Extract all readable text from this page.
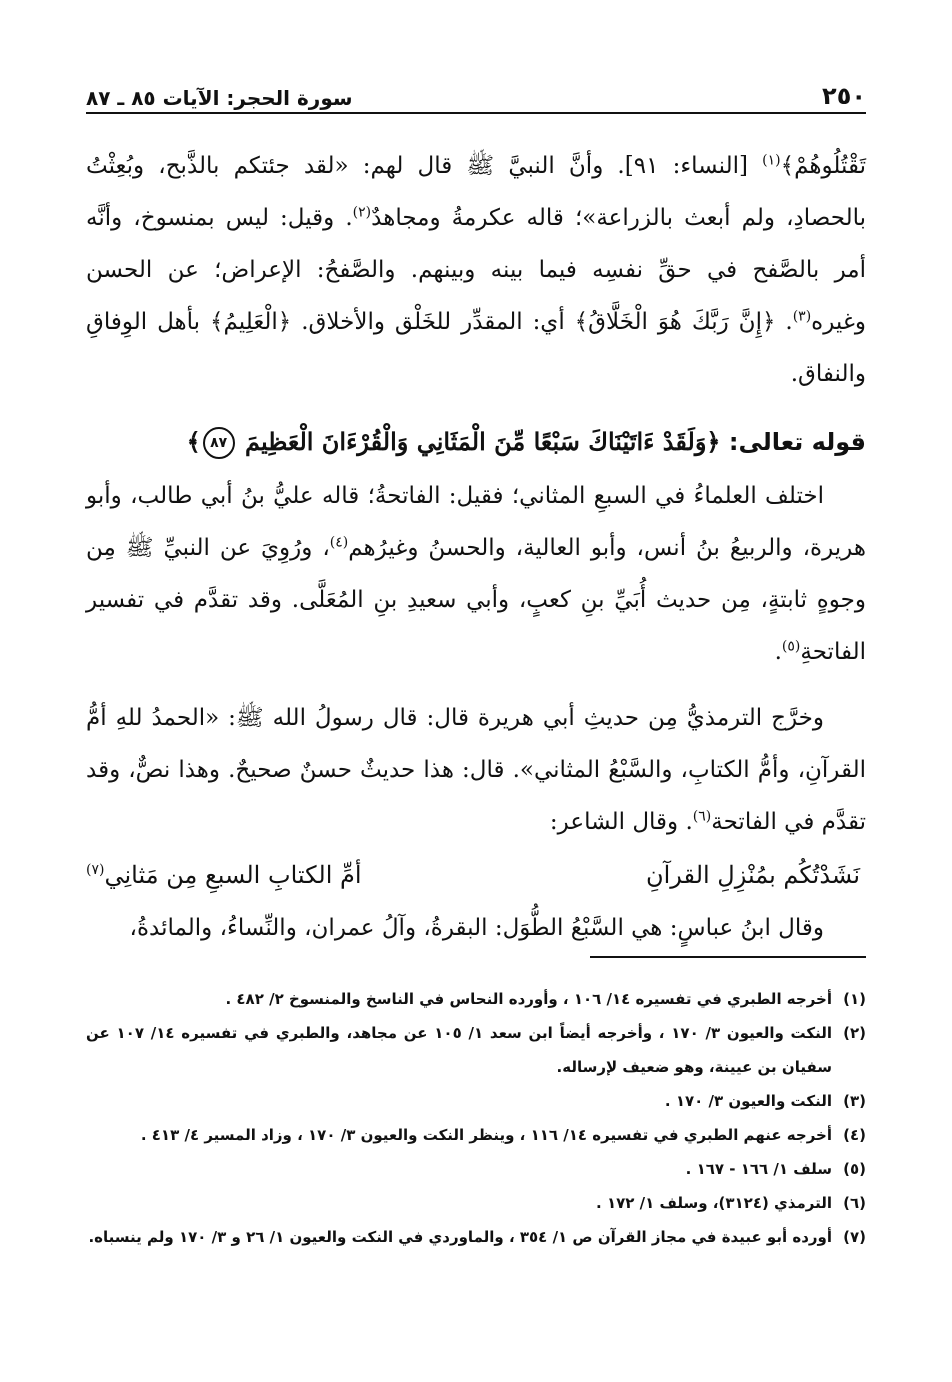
٢٥٠
سورة الحجر: الآيات ٨٥ ـ ٨٧

تَقْتُلُوهُمْ﴾$^{(١)}$ [النساء: ٩١]. وأنَّ النبيَّ ﷺ قال لهم: «لقد جئتكم بالذَّبح، وبُعِثْتُ بالحصادِ، ولم أبعث بالزراعة»؛ قاله عكرمةُ ومجاهدٌ$^{(٢)}$. وقيل: ليس بمنسوخ، وأنَّه أمر بالصَّفح في حقِّ نفسِه فيما بينه وبينهم. والصَّفحُ: الإعراض؛ عن الحسن وغيره$^{(٣)}$. ﴿إِنَّ رَبَّكَ هُوَ الْخَلَّاقُ﴾ أي: المقدِّر للخَلْق والأخلاق. ﴿الْعَلِيمُ﴾ بأهل الوِفاقِ والنفاق.

قوله تعالى: ﴿وَلَقَدْ ءَاتَيْنَاكَ سَبْعًا مِّنَ الْمَثَانِي وَالْقُرْءَانَ الْعَظِيمَ ٨٧﴾

اختلف العلماءُ في السبعِ المثاني؛ فقيل: الفاتحةُ؛ قاله عليُّ بنُ أبي طالب، وأبو هريرة، والربيعُ بنُ أنس، وأبو العالية، والحسنُ وغيرُهم$^{(٤)}$، ورُوِيَ عن النبيِّ ﷺ مِن وجوهٍ ثابتةٍ، مِن حديث أُبَيِّ بنِ كعبٍ، وأبي سعيدِ بنِ المُعَلَّى. وقد تقدَّم في تفسير الفاتحةِ$^{(٥)}$.

وخرَّج الترمذيُّ مِن حديثِ أبي هريرة قال: قال رسولُ الله ﷺ: «الحمدُ للهِ أمُّ القرآنِ، وأمُّ الكتابِ، والسَّبْعُ المثاني». قال: هذا حديثٌ حسنٌ صحيحٌ. وهذا نصٌّ، وقد تقدَّم في الفاتحة$^{(٦)}$. وقال الشاعر:

نَشَدْتُكُم بمُنْزِلِ القرآنِ
أمِّ الكتابِ السبعِ مِن مَثانِي$^{(٧)}$

وقال ابنُ عباسٍ: هي السَّبْعُ الطُّوَل: البقرةُ، وآلُ عمران، والنِّساءُ، والمائدةُ،

(١)
أخرجه الطبري في تفسيره ١٤/ ١٠٦ ، وأورده النحاس في الناسخ والمنسوخ ٢/ ٤٨٢ .
(٢)
النكت والعيون ٣/ ١٧٠ ، وأخرجه أيضاً ابن سعد ١/ ١٠٥ عن مجاهد، والطبري في تفسيره ١٤/ ١٠٧ عن سفيان بن عيينة، وهو ضعيف لإرساله.
(٣)
النكت والعيون ٣/ ١٧٠ .
(٤)
أخرجه عنهم الطبري في تفسيره ١٤/ ١١٦ ، وينظر النكت والعيون ٣/ ١٧٠ ، وزاد المسير ٤/ ٤١٣ .
(٥)
سلف ١/ ١٦٦ - ١٦٧ .
(٦)
الترمذي (٣١٢٤)، وسلف ١/ ١٧٢ .
(٧)
أورده أبو عبيدة في مجاز القرآن ص ١/ ٣٥٤ ، والماوردي في النكت والعيون ١/ ٢٦ و ٣/ ١٧٠ ولم ينسباه.
